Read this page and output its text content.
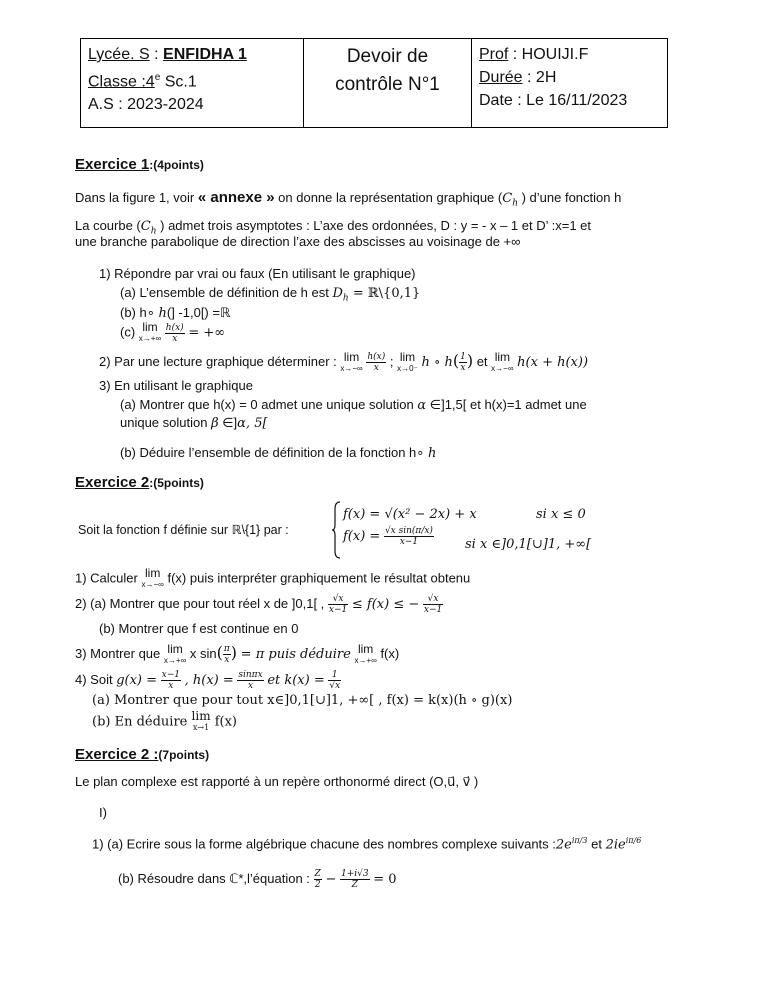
Lycée. S : ENFIDHA 1
Classe :4e Sc.1
A.S : 2023-2024
Devoir de
contrôle N°1
Prof : HOUIJI.F
Durée : 2H
Date : Le 16/11/2023
Exercice 1:(4points)
Dans la figure 1, voir « annexe » on donne la représentation graphique ($C_h$ ) d’une fonction h
La courbe ($C_h$ ) admet trois asymptotes : L’axe des ordonnées, D : y = - x – 1 et D’ :x=1 et
une branche parabolique de direction l’axe des abscisses au voisinage de +∞
1) Répondre par vrai ou faux (En utilisant le graphique)
(a) L’ensemble de définition de h est $D_h$ = ℝ\{0,1}
(b) h∘ h(] -1,0[) =ℝ
(c) lim
x→+∞
$\frac{h(x)}{x}$ = +∞
2) Par une lecture graphique déterminer : lim
x→−∞
$\frac{h(x)}{x}$ ; lim
x→0⁻ h ∘ $h( \frac{1}{x}$ ) et lim
x→−∞ h(x + h(x))
3) En utilisant le graphique
(a) Montrer que h(x) = 0 admet une unique solution α ∈]1,5[ et h(x)=1 admet une
unique solution β ∈]α, 5[
(b) Déduire l’ensemble de définition de la fonction h∘ h
Exercice 2:(5points)
Soit la fonction f définie sur ℝ\{1} par :
f(x) = √(x² − 2x) + x	si x ≤ 0
$f(x) = \frac{\text{√x sin(π/x)}}{x-1}$ si x ∈]0,1[∪]1, +∞[
1) Calculer lim
x→−∞ f(x) puis interpréter graphiquement le résultat obtenu
2) (a) Montrer que pour tout réel x de ]0,1[ , $\frac{√x}{x-1} \le f(x)$ ≤ − $\frac{√x}{x-1}$
(b) Montrer que f est continue en 0
3) Montrer que lim
x→+∞ x $\sin( \frac{\pi}{x}$ ) = π puis déduire lim
x→+∞ f(x)
4) Soit $g(x) = \frac{x-1}{x}$ , $h(x) = \frac{\sin\pi x}{x}$ et $k(x) = \frac{1}{√x}$
(a) Montrer que pour tout x∈]0,1[∪]1, +∞[ , f(x) = k(x)(h ∘ g)(x)
(b) En déduire lim
x→1 f(x)
Exercice 2 :(7points)
Le plan complexe est rapporté à un repère orthonormé direct (O,u⃗, v⃗ )
I)
1) (a) Ecrire sous la forme algébrique chacune des nombres complexe suivants $:2e^{i\pi/3}$ et $2ie^{i\pi/6}$
(b) Résoudre dans ℂ*,l’équation : $\frac{Z}{2} - \frac{1+i√3}{Z} = 0$
